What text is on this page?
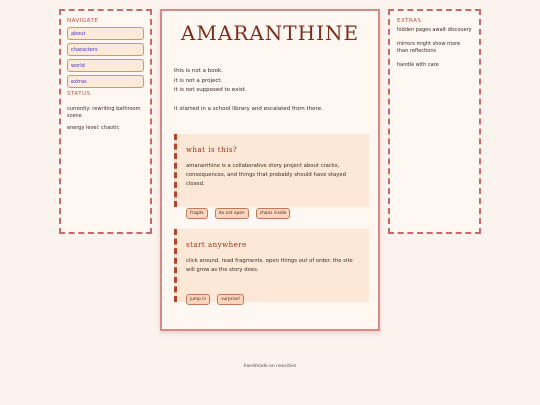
NAVIGATE
about
characters
world
extras
STATUS
currently: rewriting bathroom scene
energy level: chaotic
AMARANTHINE
this is not a book.
it is not a project.
it is not supposed to exist.
it started in a school library and escalated from there.
what is this?

amaranthine is a collaborative story project about cracks, consequences, and things that probably should have stayed closed.

fragile	do not open	chaos inside
start anywhere

click around. read fragments. open things out of order. the site will grow as the story does.

jump in	surprise!
EXTRAS
hidden pages await discovery
mirrors might show more than reflections
handle with care
handmade on neocities
